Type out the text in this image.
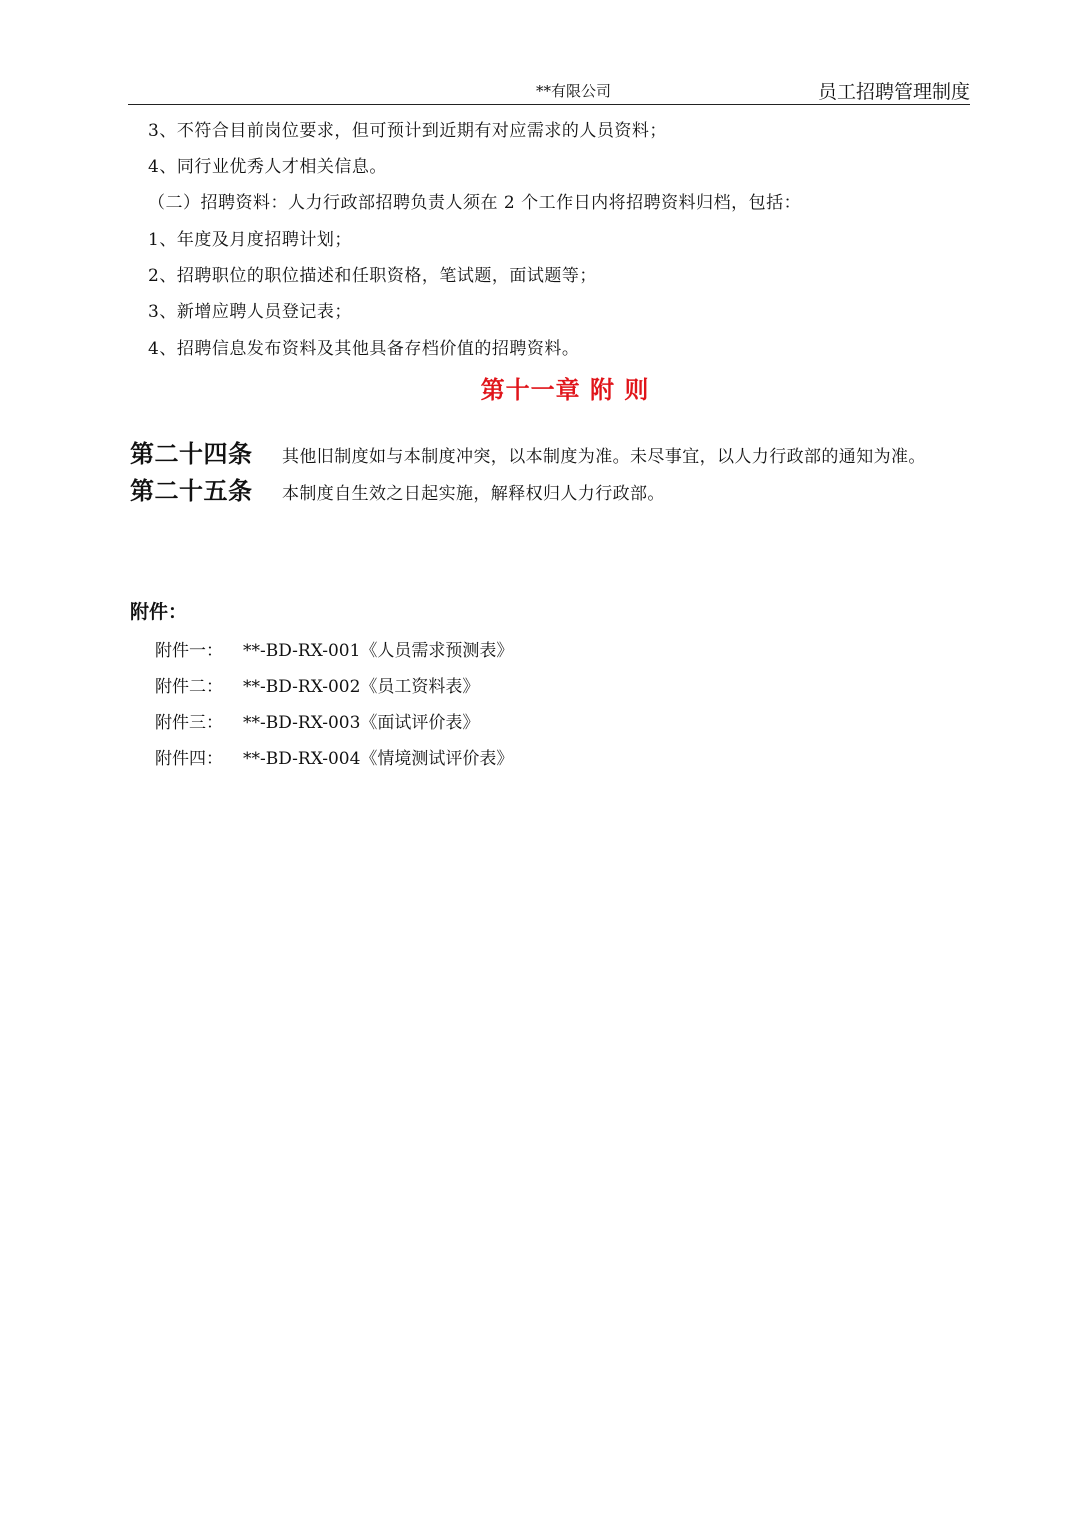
**有限公司	员工招聘管理制度
3、不符合目前岗位要求，但可预计到近期有对应需求的人员资料；
4、同行业优秀人才相关信息。
（二）招聘资料：人力行政部招聘负责人须在 2 个工作日内将招聘资料归档，包括：
1、年度及月度招聘计划；
2、招聘职位的职位描述和任职资格，笔试题，面试题等；
3、新增应聘人员登记表；
4、招聘信息发布资料及其他具备存档价值的招聘资料。
第十一章 附 则
第二十四条 其他旧制度如与本制度冲突，以本制度为准。未尽事宜，以人力行政部的通知为准。
第二十五条 本制度自生效之日起实施，解释权归人力行政部。
附件：
附件一： **-BD-RX-001《人员需求预测表》
附件二： **-BD-RX-002《员工资料表》
附件三： **-BD-RX-003《面试评价表》
附件四： **-BD-RX-004《情境测试评价表》
